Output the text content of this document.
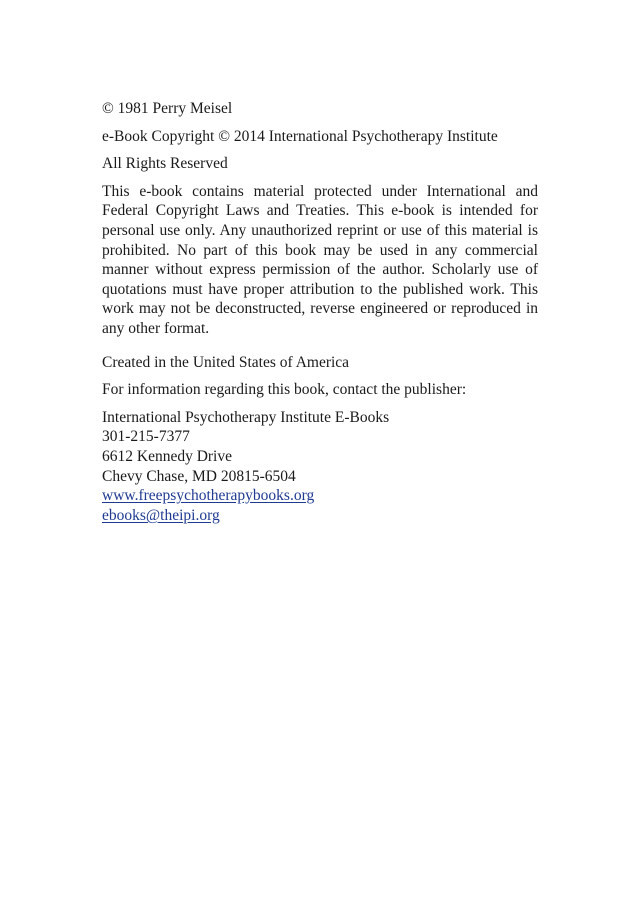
© 1981 Perry Meisel

e-Book Copyright © 2014 International Psychotherapy Institute

All Rights Reserved

This e-book contains material protected under International and Federal Copyright Laws and Treaties. This e-book is intended for personal use only. Any unauthorized reprint or use of this material is prohibited. No part of this book may be used in any commercial manner without express permission of the author. Scholarly use of quotations must have proper attribution to the published work. This work may not be deconstructed, reverse engineered or reproduced in any other format.

Created in the United States of America

For information regarding this book, contact the publisher:

International Psychotherapy Institute E-Books
301-215-7377
6612 Kennedy Drive
Chevy Chase, MD 20815-6504
www.freepsychotherapybooks.org
ebooks@theipi.org
